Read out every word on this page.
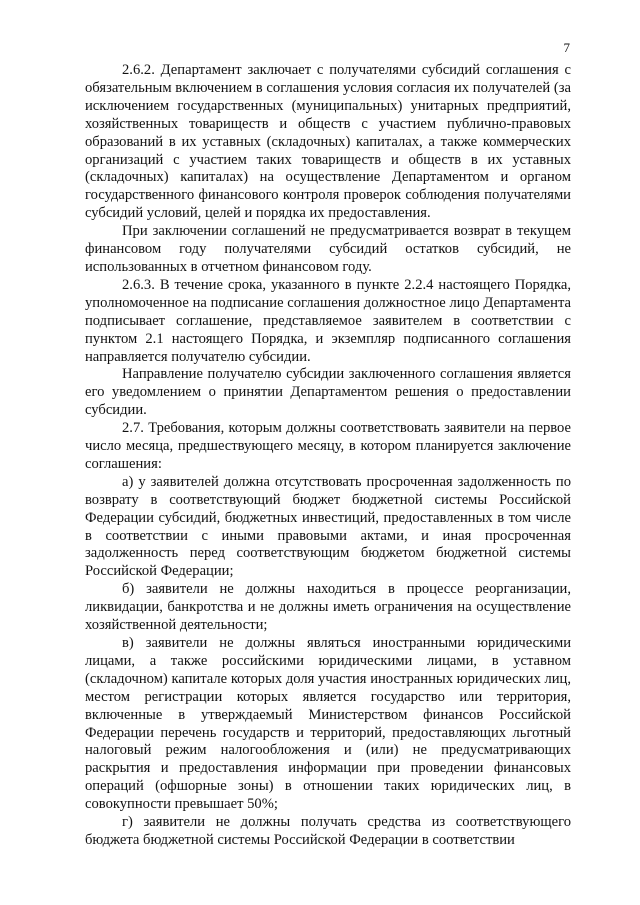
7

2.6.2. Департамент заключает с получателями субсидий соглашения с обязательным включением в соглашения условия согласия их получателей (за исключением государственных (муниципальных) унитарных предприятий, хозяйственных товариществ и обществ с участием публично-правовых образований в их уставных (складочных) капиталах, а также коммерческих организаций с участием таких товариществ и обществ в их уставных (складочных) капиталах) на осуществление Департаментом и органом государственного финансового контроля проверок соблюдения получателями субсидий условий, целей и порядка их предоставления.

При заключении соглашений не предусматривается возврат в текущем финансовом году получателями субсидий остатков субсидий, не использованных в отчетном финансовом году.

2.6.3. В течение срока, указанного в пункте 2.2.4 настоящего Порядка, уполномоченное на подписание соглашения должностное лицо Департамента подписывает соглашение, представляемое заявителем в соответствии с пунктом 2.1 настоящего Порядка, и экземпляр подписанного соглашения направляется получателю субсидии.

Направление получателю субсидии заключенного соглашения является его уведомлением о принятии Департаментом решения о предоставлении субсидии.

2.7. Требования, которым должны соответствовать заявители на первое число месяца, предшествующего месяцу, в котором планируется заключение соглашения:

а) у заявителей должна отсутствовать просроченная задолженность по возврату в соответствующий бюджет бюджетной системы Российской Федерации субсидий, бюджетных инвестиций, предоставленных в том числе в соответствии с иными правовыми актами, и иная просроченная задолженность перед соответствующим бюджетом бюджетной системы Российской Федерации;

б) заявители не должны находиться в процессе реорганизации, ликвидации, банкротства и не должны иметь ограничения на осуществление хозяйственной деятельности;

в) заявители не должны являться иностранными юридическими лицами, а также российскими юридическими лицами, в уставном (складочном) капитале которых доля участия иностранных юридических лиц, местом регистрации которых является государство или территория, включенные в утверждаемый Министерством финансов Российской Федерации перечень государств и территорий, предоставляющих льготный налоговый режим налогообложения и (или) не предусматривающих раскрытия и предоставления информации при проведении финансовых операций (офшорные зоны) в отношении таких юридических лиц, в совокупности превышает 50%;

г) заявители не должны получать средства из соответствующего бюджета бюджетной системы Российской Федерации в соответствии
